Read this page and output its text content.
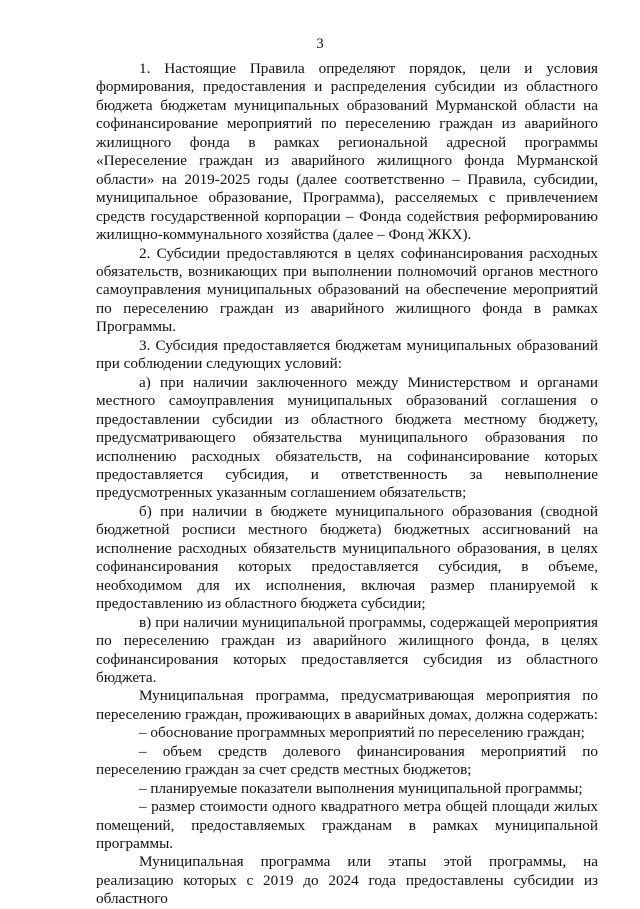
3

1. Настоящие Правила определяют порядок, цели и условия формирования, предоставления и распределения субсидии из областного бюджета бюджетам муниципальных образований Мурманской области на софинансирование мероприятий по переселению граждан из аварийного жилищного фонда в рамках региональной адресной программы «Переселение граждан из аварийного жилищного фонда Мурманской области» на 2019-2025 годы (далее соответственно – Правила, субсидии, муниципальное образование, Программа), расселяемых с привлечением средств государственной корпорации – Фонда содействия реформированию жилищно-коммунального хозяйства (далее – Фонд ЖКХ).

2. Субсидии предоставляются в целях софинансирования расходных обязательств, возникающих при выполнении полномочий органов местного самоуправления муниципальных образований на обеспечение мероприятий по переселению граждан из аварийного жилищного фонда в рамках Программы.

3. Субсидия предоставляется бюджетам муниципальных образований при соблюдении следующих условий:

а) при наличии заключенного между Министерством и органами местного самоуправления муниципальных образований соглашения о предоставлении субсидии из областного бюджета местному бюджету, предусматривающего обязательства муниципального образования по исполнению расходных обязательств, на софинансирование которых предоставляется субсидия, и ответственность за невыполнение предусмотренных указанным соглашением обязательств;

б) при наличии в бюджете муниципального образования (сводной бюджетной росписи местного бюджета) бюджетных ассигнований на исполнение расходных обязательств муниципального образования, в целях софинансирования которых предоставляется субсидия, в объеме, необходимом для их исполнения, включая размер планируемой к предоставлению из областного бюджета субсидии;

в) при наличии муниципальной программы, содержащей мероприятия по переселению граждан из аварийного жилищного фонда, в целях софинансирования которых предоставляется субсидия из областного бюджета.

Муниципальная программа, предусматривающая мероприятия по переселению граждан, проживающих в аварийных домах, должна содержать:

– обоснование программных мероприятий по переселению граждан;

– объем средств долевого финансирования мероприятий по переселению граждан за счет средств местных бюджетов;

– планируемые показатели выполнения муниципальной программы;

– размер стоимости одного квадратного метра общей площади жилых помещений, предоставляемых гражданам в рамках муниципальной программы.

Муниципальная программа или этапы этой программы, на реализацию которых с 2019 до 2024 года предоставлены субсидии из областного
